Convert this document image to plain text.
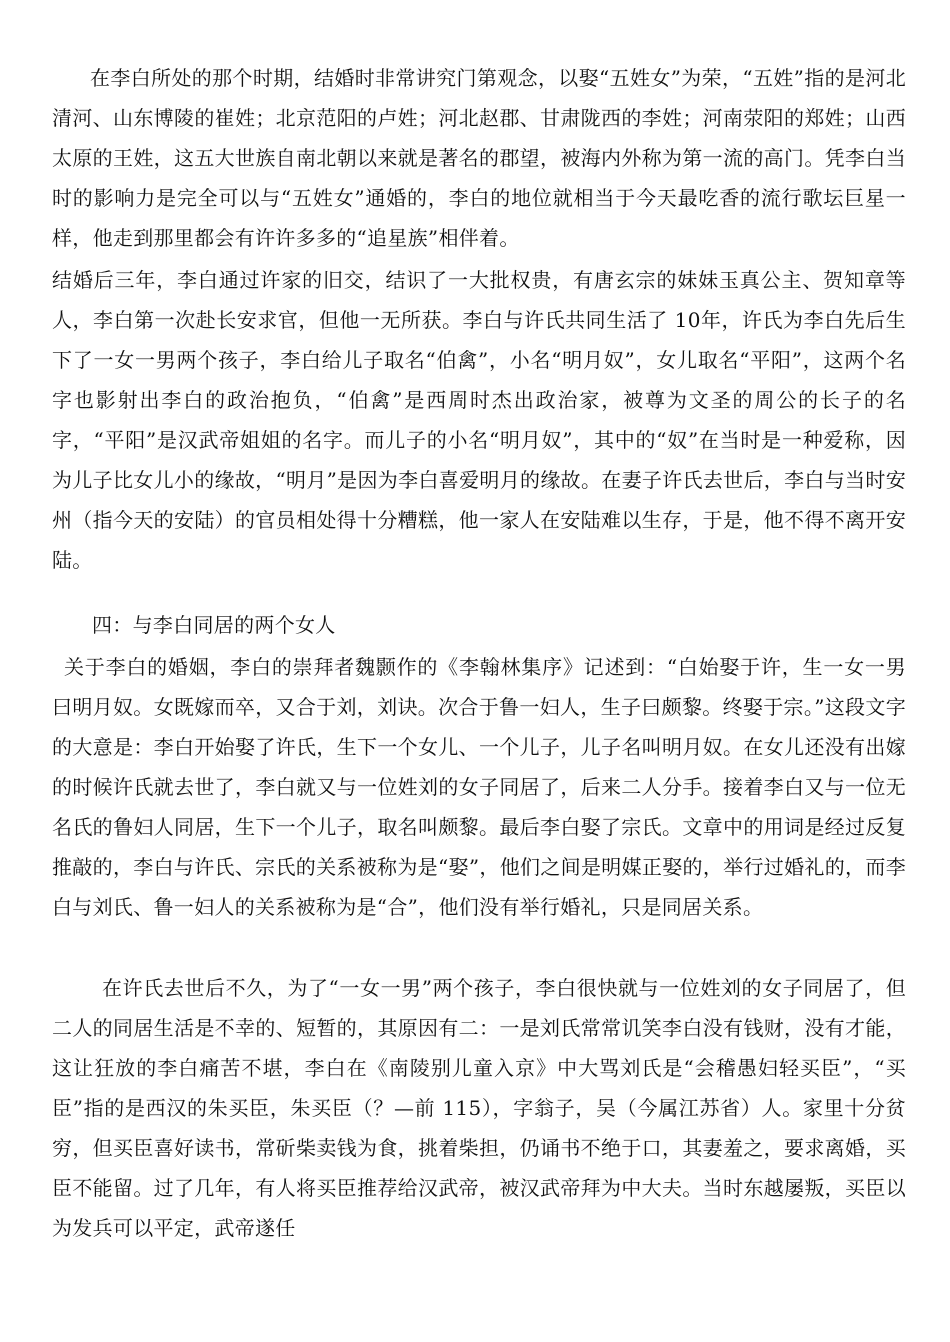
在李白所处的那个时期，结婚时非常讲究门第观念，以娶“五姓女”为荣，“五姓”指的是河北清河、山东博陵的崔姓；北京范阳的卢姓；河北赵郡、甘肃陇西的李姓；河南荥阳的郑姓；山西太原的王姓，这五大世族自南北朝以来就是著名的郡望，被海内外称为第一流的高门。凭李白当时的影响力是完全可以与“五姓女”通婚的，李白的地位就相当于今天最吃香的流行歌坛巨星一样，他走到那里都会有许许多多的“追星族”相伴着。

结婚后三年，李白通过许家的旧交，结识了一大批权贵，有唐玄宗的妹妹玉真公主、贺知章等人，李白第一次赴长安求官，但他一无所获。李白与许氏共同生活了 10年，许氏为李白先后生下了一女一男两个孩子，李白给儿子取名“伯禽”，小名“明月奴”，女儿取名“平阳”，这两个名字也影射出李白的政治抱负，“伯禽”是西周时杰出政治家，被尊为文圣的周公的长子的名字，“平阳”是汉武帝姐姐的名字。而儿子的小名“明月奴”，其中的“奴”在当时是一种爱称，因为儿子比女儿小的缘故，“明月”是因为李白喜爱明月的缘故。在妻子许氏去世后，李白与当时安州（指今天的安陆）的官员相处得十分糟糕，他一家人在安陆难以生存，于是，他不得不离开安陆。

四：与李白同居的两个女人

关于李白的婚姻，李白的崇拜者魏颢作的《李翰林集序》记述到：“白始娶于许，生一女一男曰明月奴。女既嫁而卒，又合于刘，刘诀。次合于鲁一妇人，生子曰颇黎。终娶于宗。”这段文字的大意是：李白开始娶了许氏，生下一个女儿、一个儿子，儿子名叫明月奴。在女儿还没有出嫁的时候许氏就去世了，李白就又与一位姓刘的女子同居了，后来二人分手。接着李白又与一位无名氏的鲁妇人同居，生下一个儿子，取名叫颇黎。最后李白娶了宗氏。文章中的用词是经过反复推敲的，李白与许氏、宗氏的关系被称为是“娶”，他们之间是明媒正娶的，举行过婚礼的，而李白与刘氏、鲁一妇人的关系被称为是“合”，他们没有举行婚礼，只是同居关系。

在许氏去世后不久，为了“一女一男”两个孩子，李白很快就与一位姓刘的女子同居了，但二人的同居生活是不幸的、短暂的，其原因有二：一是刘氏常常讥笑李白没有钱财，没有才能，这让狂放的李白痛苦不堪，李白在《南陵别儿童入京》中大骂刘氏是“会稽愚妇轻买臣”，“买臣”指的是西汉的朱买臣，朱买臣（？—前 115），字翁子，吴（今属江苏省）人。家里十分贫穷，但买臣喜好读书，常斫柴卖钱为食，挑着柴担，仍诵书不绝于口，其妻羞之，要求离婚，买臣不能留。过了几年，有人将买臣推荐给汉武帝，被汉武帝拜为中大夫。当时东越屡叛，买臣以为发兵可以平定，武帝遂任
